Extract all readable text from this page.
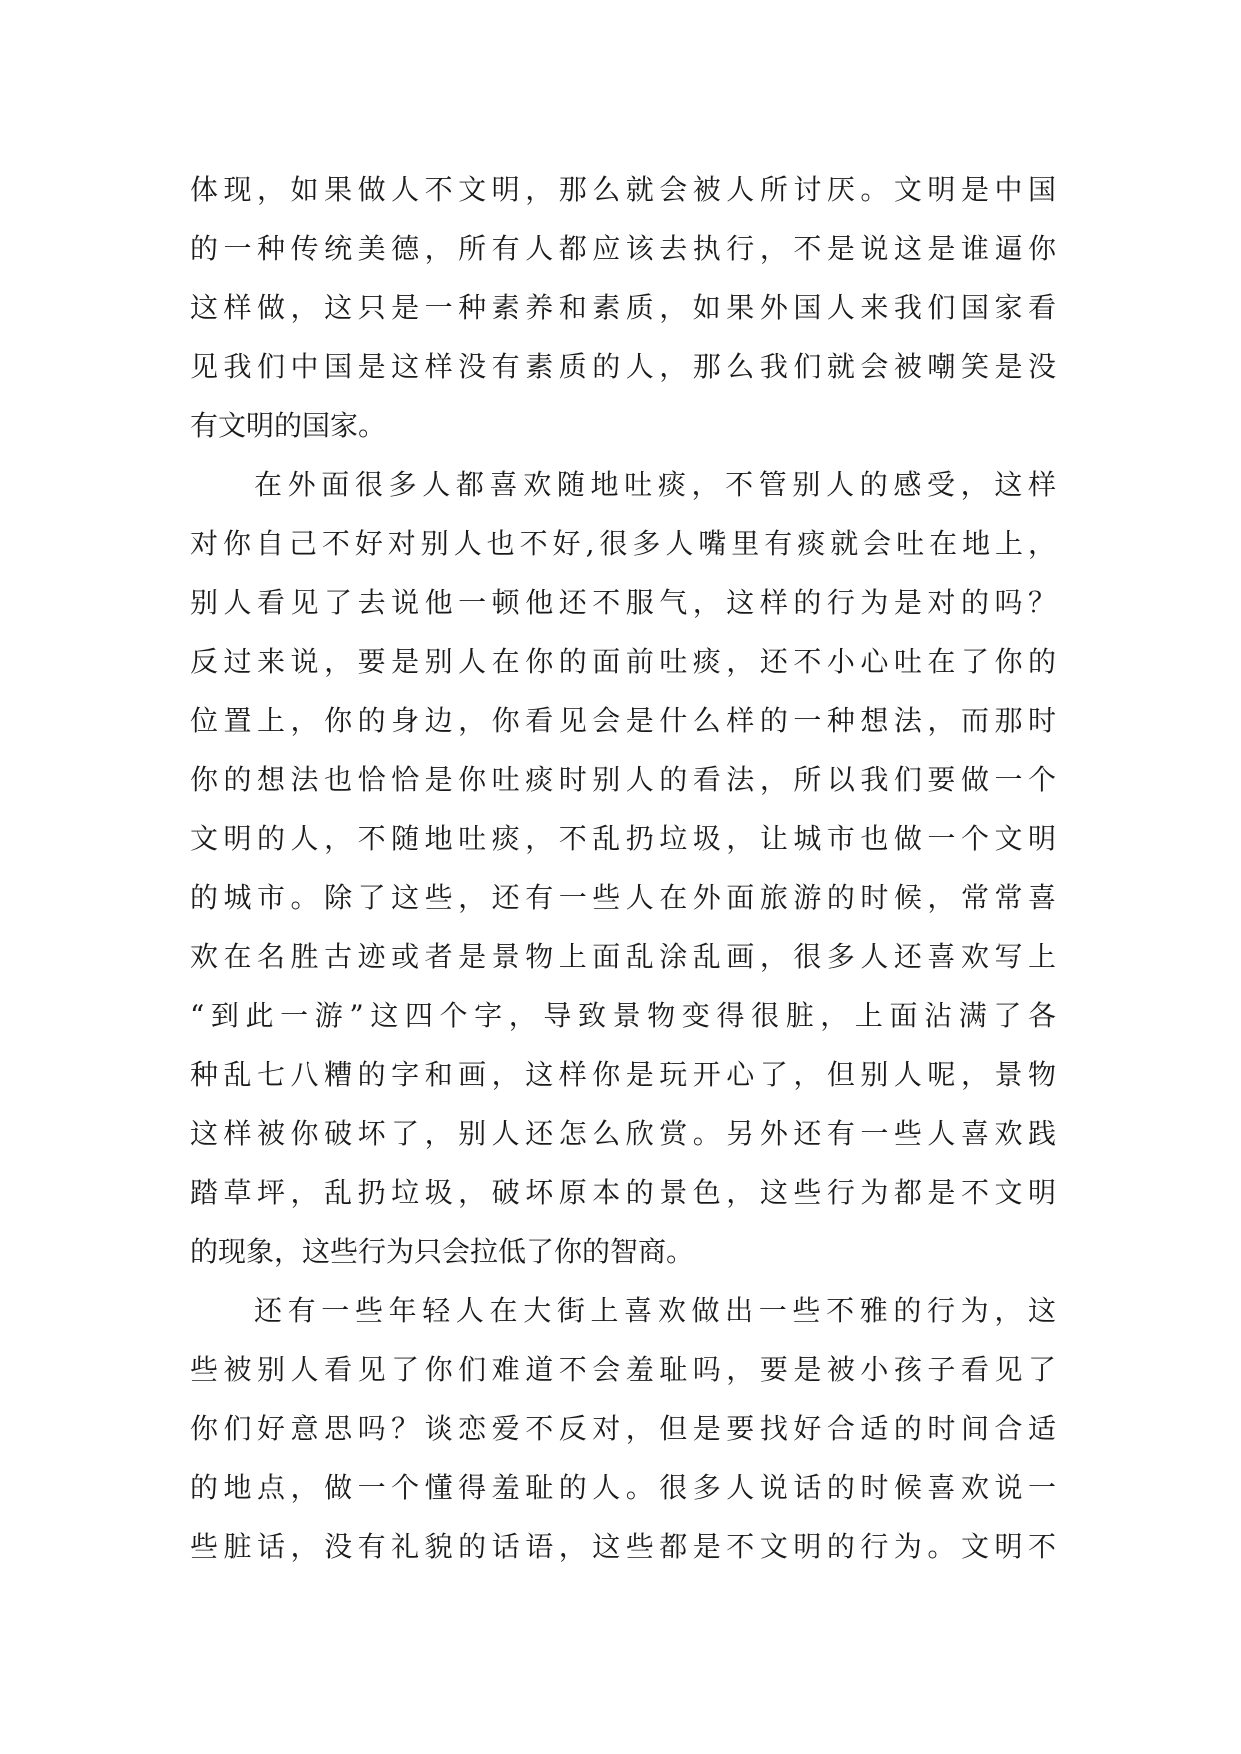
体现，如果做人不文明，那么就会被人所讨厌。文明是中国
的一种传统美德，所有人都应该去执行，不是说这是谁逼你
这样做，这只是一种素养和素质，如果外国人来我们国家看
见我们中国是这样没有素质的人，那么我们就会被嘲笑是没
有文明的国家。
在外面很多人都喜欢随地吐痰，不管别人的感受，这样
对你自己不好对别人也不好,很多人嘴里有痰就会吐在地上，
别人看见了去说他一顿他还不服气，这样的行为是对的吗？
反过来说，要是别人在你的面前吐痰，还不小心吐在了你的
位置上，你的身边，你看见会是什么样的一种想法，而那时
你的想法也恰恰是你吐痰时别人的看法，所以我们要做一个
文明的人，不随地吐痰，不乱扔垃圾，让城市也做一个文明
的城市。除了这些，还有一些人在外面旅游的时候，常常喜
欢在名胜古迹或者是景物上面乱涂乱画，很多人还喜欢写上
“到此一游”这四个字，导致景物变得很脏，上面沾满了各
种乱七八糟的字和画，这样你是玩开心了，但别人呢，景物
这样被你破坏了，别人还怎么欣赏。另外还有一些人喜欢践
踏草坪，乱扔垃圾，破坏原本的景色，这些行为都是不文明
的现象，这些行为只会拉低了你的智商。
还有一些年轻人在大街上喜欢做出一些不雅的行为，这
些被别人看见了你们难道不会羞耻吗，要是被小孩子看见了
你们好意思吗？谈恋爱不反对，但是要找好合适的时间合适
的地点，做一个懂得羞耻的人。很多人说话的时候喜欢说一
些脏话，没有礼貌的话语，这些都是不文明的行为。文明不
